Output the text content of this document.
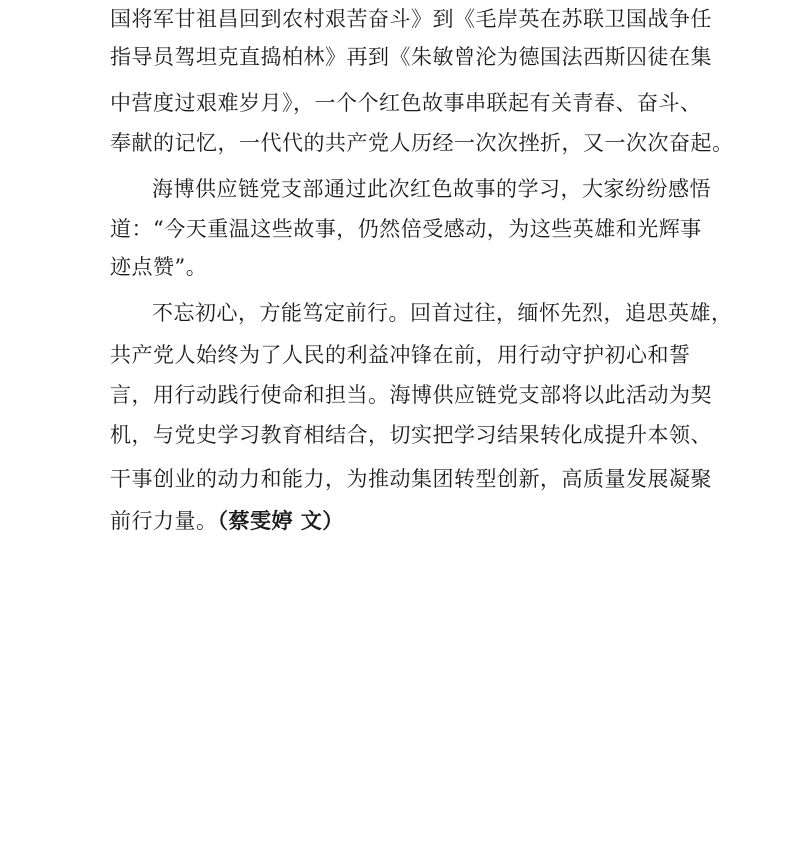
国将军甘祖昌回到农村艰苦奋斗》到《毛岸英在苏联卫国战争任
指导员驾坦克直捣柏林》再到《朱敏曾沦为德国法西斯囚徒在集
中营度过艰难岁月》，一个个红色故事串联起有关青春、奋斗、
奉献的记忆，一代代的共产党人历经一次次挫折，又一次次奋起。
海博供应链党支部通过此次红色故事的学习，大家纷纷感悟
道：“今天重温这些故事，仍然倍受感动，为这些英雄和光辉事
迹点赞”。
不忘初心，方能笃定前行。回首过往，缅怀先烈，追思英雄，
共产党人始终为了人民的利益冲锋在前，用行动守护初心和誓
言，用行动践行使命和担当。海博供应链党支部将以此活动为契
机，与党史学习教育相结合，切实把学习结果转化成提升本领、
干事创业的动力和能力，为推动集团转型创新，高质量发展凝聚
前行力量。（蔡雯婷 文）
